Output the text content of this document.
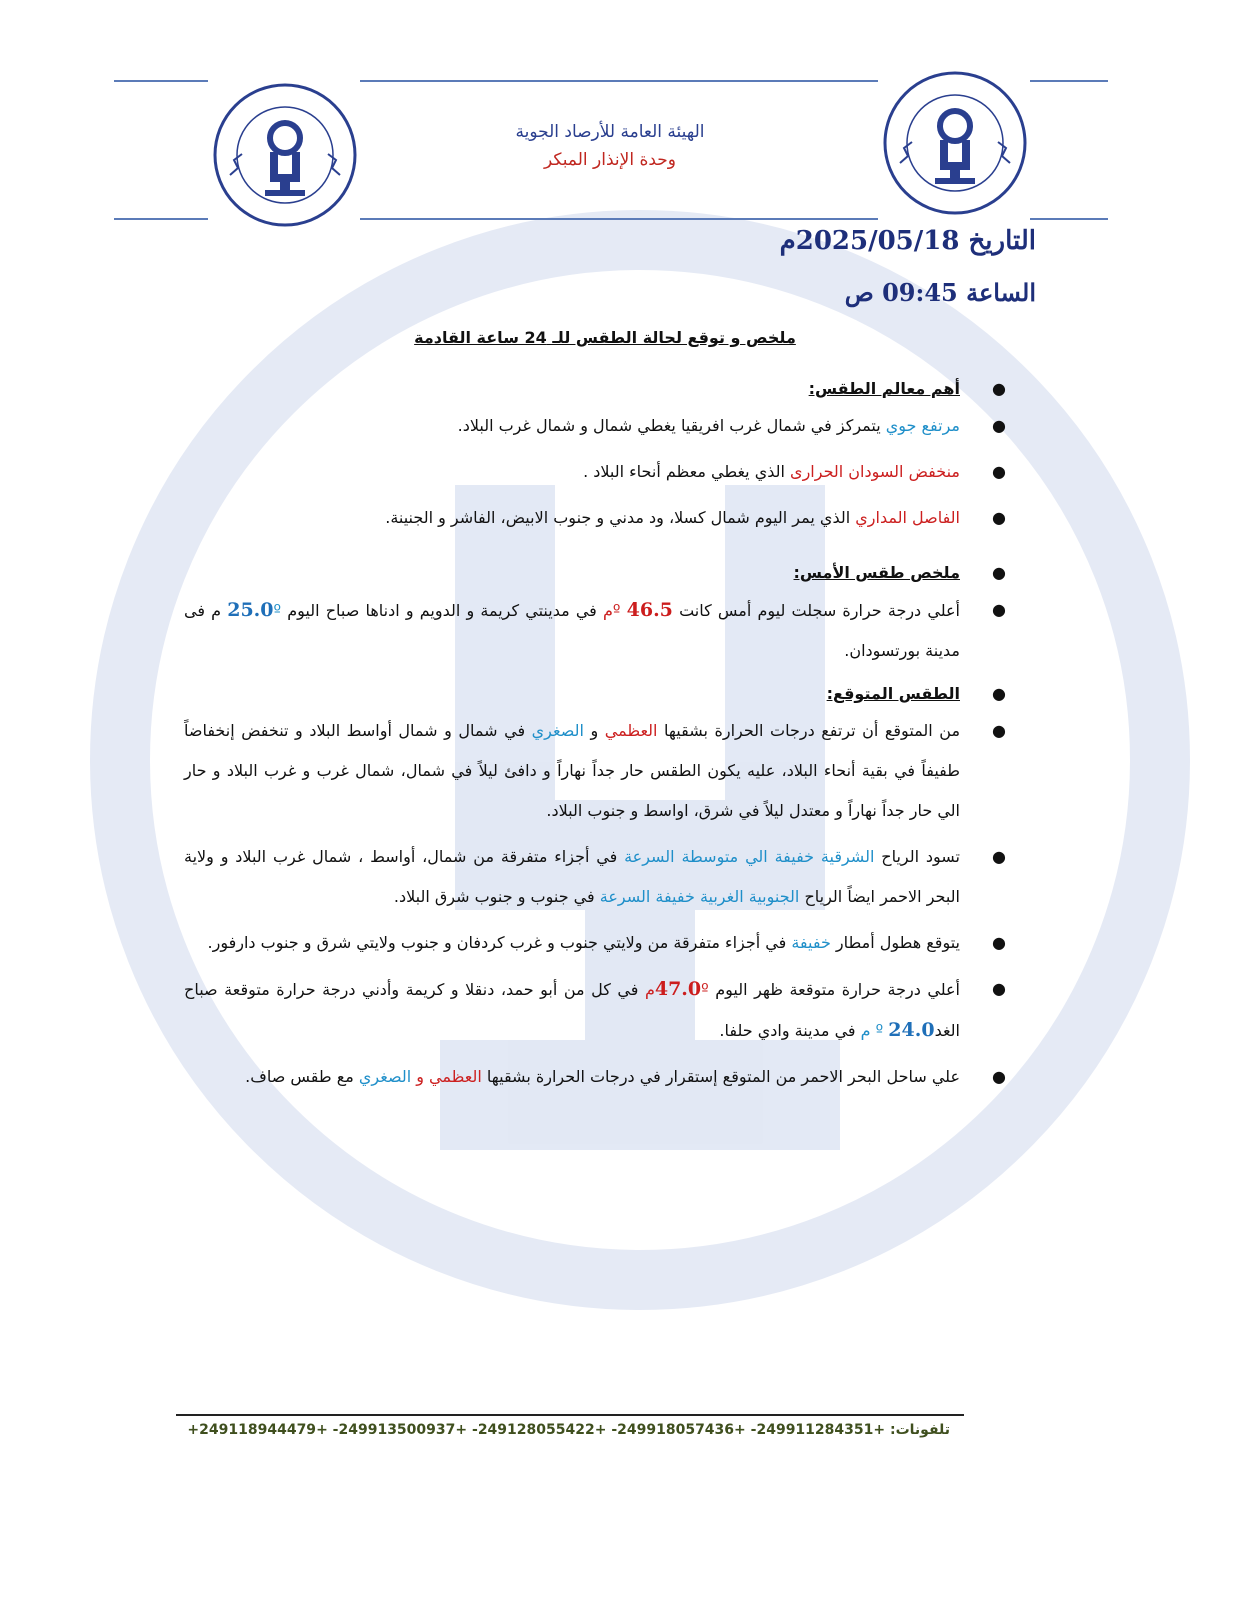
الهيئة العامة للأرصاد الجوية
وحدة الإنذار المبكر
التاريخ 2025/05/18م
الساعة 09:45 ص
ملخص و توقع لحالة الطقس للـ 24 ساعة القادمة
●
أهم معالم الطقس:
●
مرتفع جوي يتمركز في شمال غرب افريقيا يغطي شمال و شمال غرب البلاد.
●
منخفض السودان الحرارى الذي يغطي معظم أنحاء البلاد .
●
الفاصل المداري الذي يمر اليوم شمال كسلا، ود مدني و جنوب الابيض، الفاشر و الجنينة.
●
ملخص طقس الأمس:
●
أعلي درجة حرارة سجلت ليوم أمس كانت 46.5 ºم في مدينتي كريمة و الدويم و ادناها صباح اليوم 25.0º م فى مدينة بورتسودان.
●
الطقس المتوقع:
●
من المتوقع أن ترتفع درجات الحرارة بشقيها العظمي و الصغري في شمال و شمال أواسط البلاد و تنخفض إنخفاضاً طفيفاً في بقية أنحاء البلاد، عليه يكون الطقس حار جداً نهاراً و دافئ ليلاً في شمال، شمال غرب و غرب البلاد و حار الي حار جداً نهاراً و معتدل ليلاً في شرق، اواسط و جنوب البلاد.
●
تسود الرياح الشرقية خفيفة الي متوسطة السرعة في أجزاء متفرقة من شمال، أواسط ، شمال غرب البلاد و ولاية البحر الاحمر ايضاً الرياح الجنوبية الغربية خفيفة السرعة في جنوب و جنوب شرق البلاد.
●
يتوقع هطول أمطار خفيفة في أجزاء متفرقة من ولايتي جنوب و غرب كردفان و جنوب ولايتي شرق و جنوب دارفور.
●
أعلي درجة حرارة متوقعة ظهر اليوم 47.0ºم في كل من أبو حمد، دنقلا و كريمة وأدني درجة حرارة متوقعة صباح الغد24.0 º م في مدينة وادي حلفا.
●
علي ساحل البحر الاحمر من المتوقع إستقرار في درجات الحرارة بشقيها العظمي و الصغري مع طقس صاف.
تلفونات: +249911284351- +249918057436- +249128055422- +249913500937- +249118944479+
